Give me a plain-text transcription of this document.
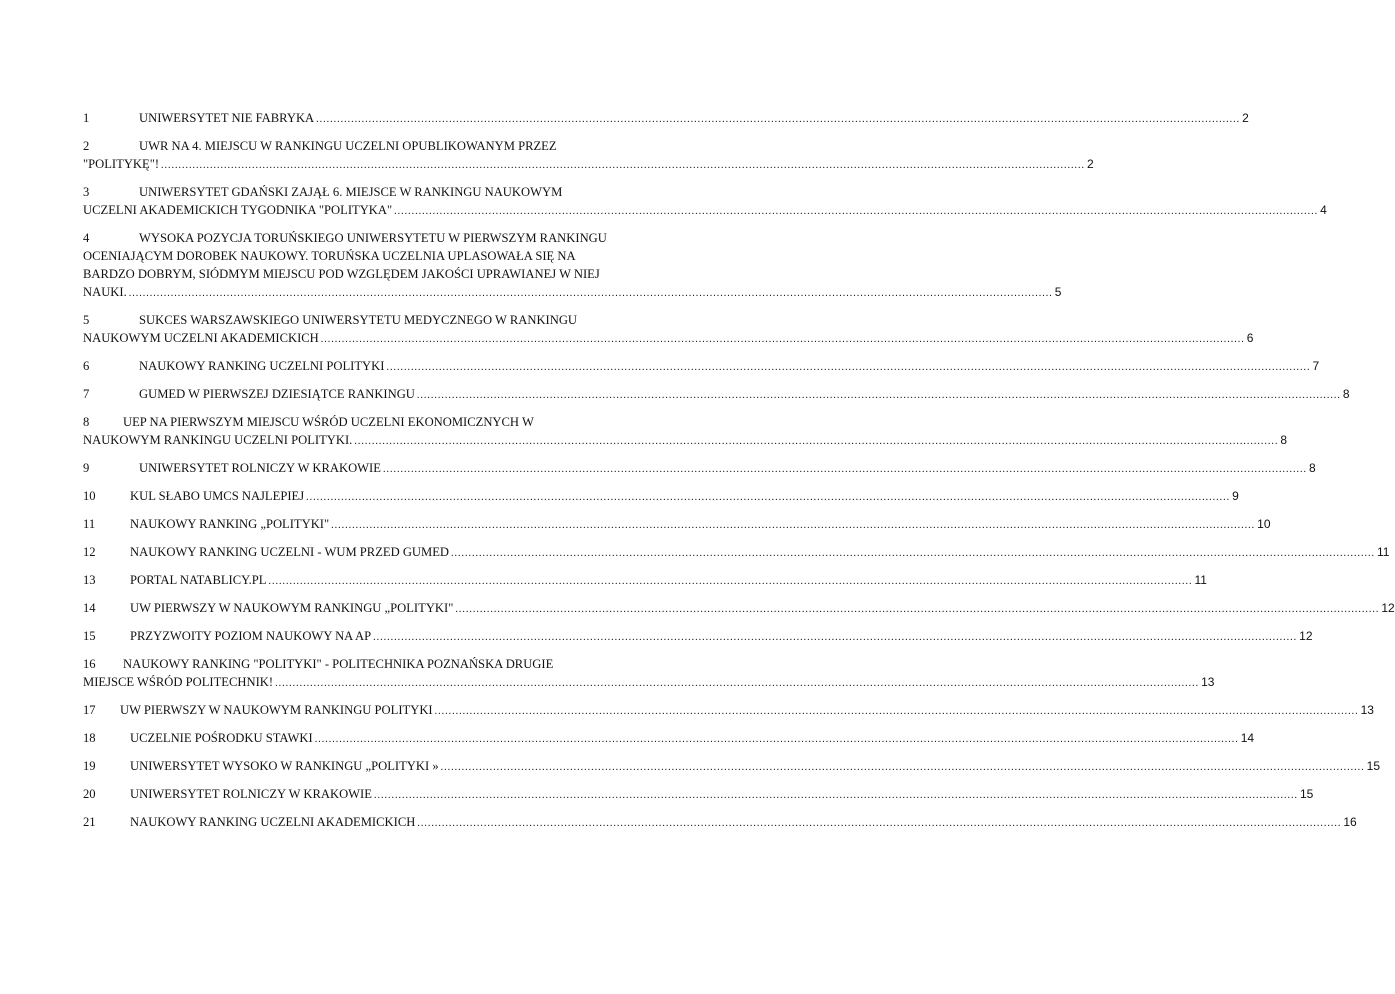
1	UNIWERSYTET NIE FABRYKA .....	2
2	UWR NA 4. MIEJSCU W RANKINGU UCZELNI OPUBLIKOWANYM PRZEZ
"POLITYKĘ"! .....	2
3	UNIWERSYTET GDAŃSKI ZAJĄŁ 6. MIEJSCE W RANKINGU NAUKOWYM
UCZELNI AKADEMICKICH TYGODNIKA "POLITYKA" .....	4
4	WYSOKA POZYCJA TORUŃSKIEGO UNIWERSYTETU W PIERWSZYM RANKINGU
OCENIAJĄCYM DOROBEK NAUKOWY. TORUŃSKA UCZELNIA UPLASOWAŁA SIĘ NA
BARDZO DOBRYM, SIÓDMYM MIEJSCU POD WZGLĘDEM JAKOŚCI UPRAWIANEJ W NIEJ
NAUKI. .....	5
5	SUKCES WARSZAWSKIEGO UNIWERSYTETU MEDYCZNEGO W RANKINGU
NAUKOWYM UCZELNI AKADEMICKICH .....	6
6	NAUKOWY RANKING UCZELNI POLITYKI .....	7
7	GUMED W PIERWSZEJ DZIESIĄTCE RANKINGU .....	8
8	UEP NA PIERWSZYM MIEJSCU WŚRÓD UCZELNI EKONOMICZNYCH W
NAUKOWYM RANKINGU UCZELNI POLITYKI. .....	8
9	UNIWERSYTET ROLNICZY W KRAKOWIE .....	8
10	KUL SŁABO UMCS NAJLEPIEJ .....	9
11	NAUKOWY RANKING „POLITYKI" .....	10
12	NAUKOWY RANKING UCZELNI - WUM PRZED GUMED .....	11
13	PORTAL NATABLICY.PL .....	11
14	UW PIERWSZY W NAUKOWYM RANKINGU „POLITYKI" .....	12
15	PRZYZWOITY POZIOM NAUKOWY NA AP .....	12
16	NAUKOWY RANKING "POLITYKI" - POLITECHNIKA POZNAŃSKA DRUGIE
MIEJSCE WŚRÓD POLITECHNIK! .....	13
17	UW PIERWSZY W NAUKOWYM RANKINGU POLITYKI .....	13
18	UCZELNIE POŚRODKU STAWKI .....	14
19	UNIWERSYTET WYSOKO W RANKINGU „POLITYKI » .....	15
20	UNIWERSYTET ROLNICZY W KRAKOWIE .....	15
21	NAUKOWY RANKING UCZELNI AKADEMICKICH .....	16
